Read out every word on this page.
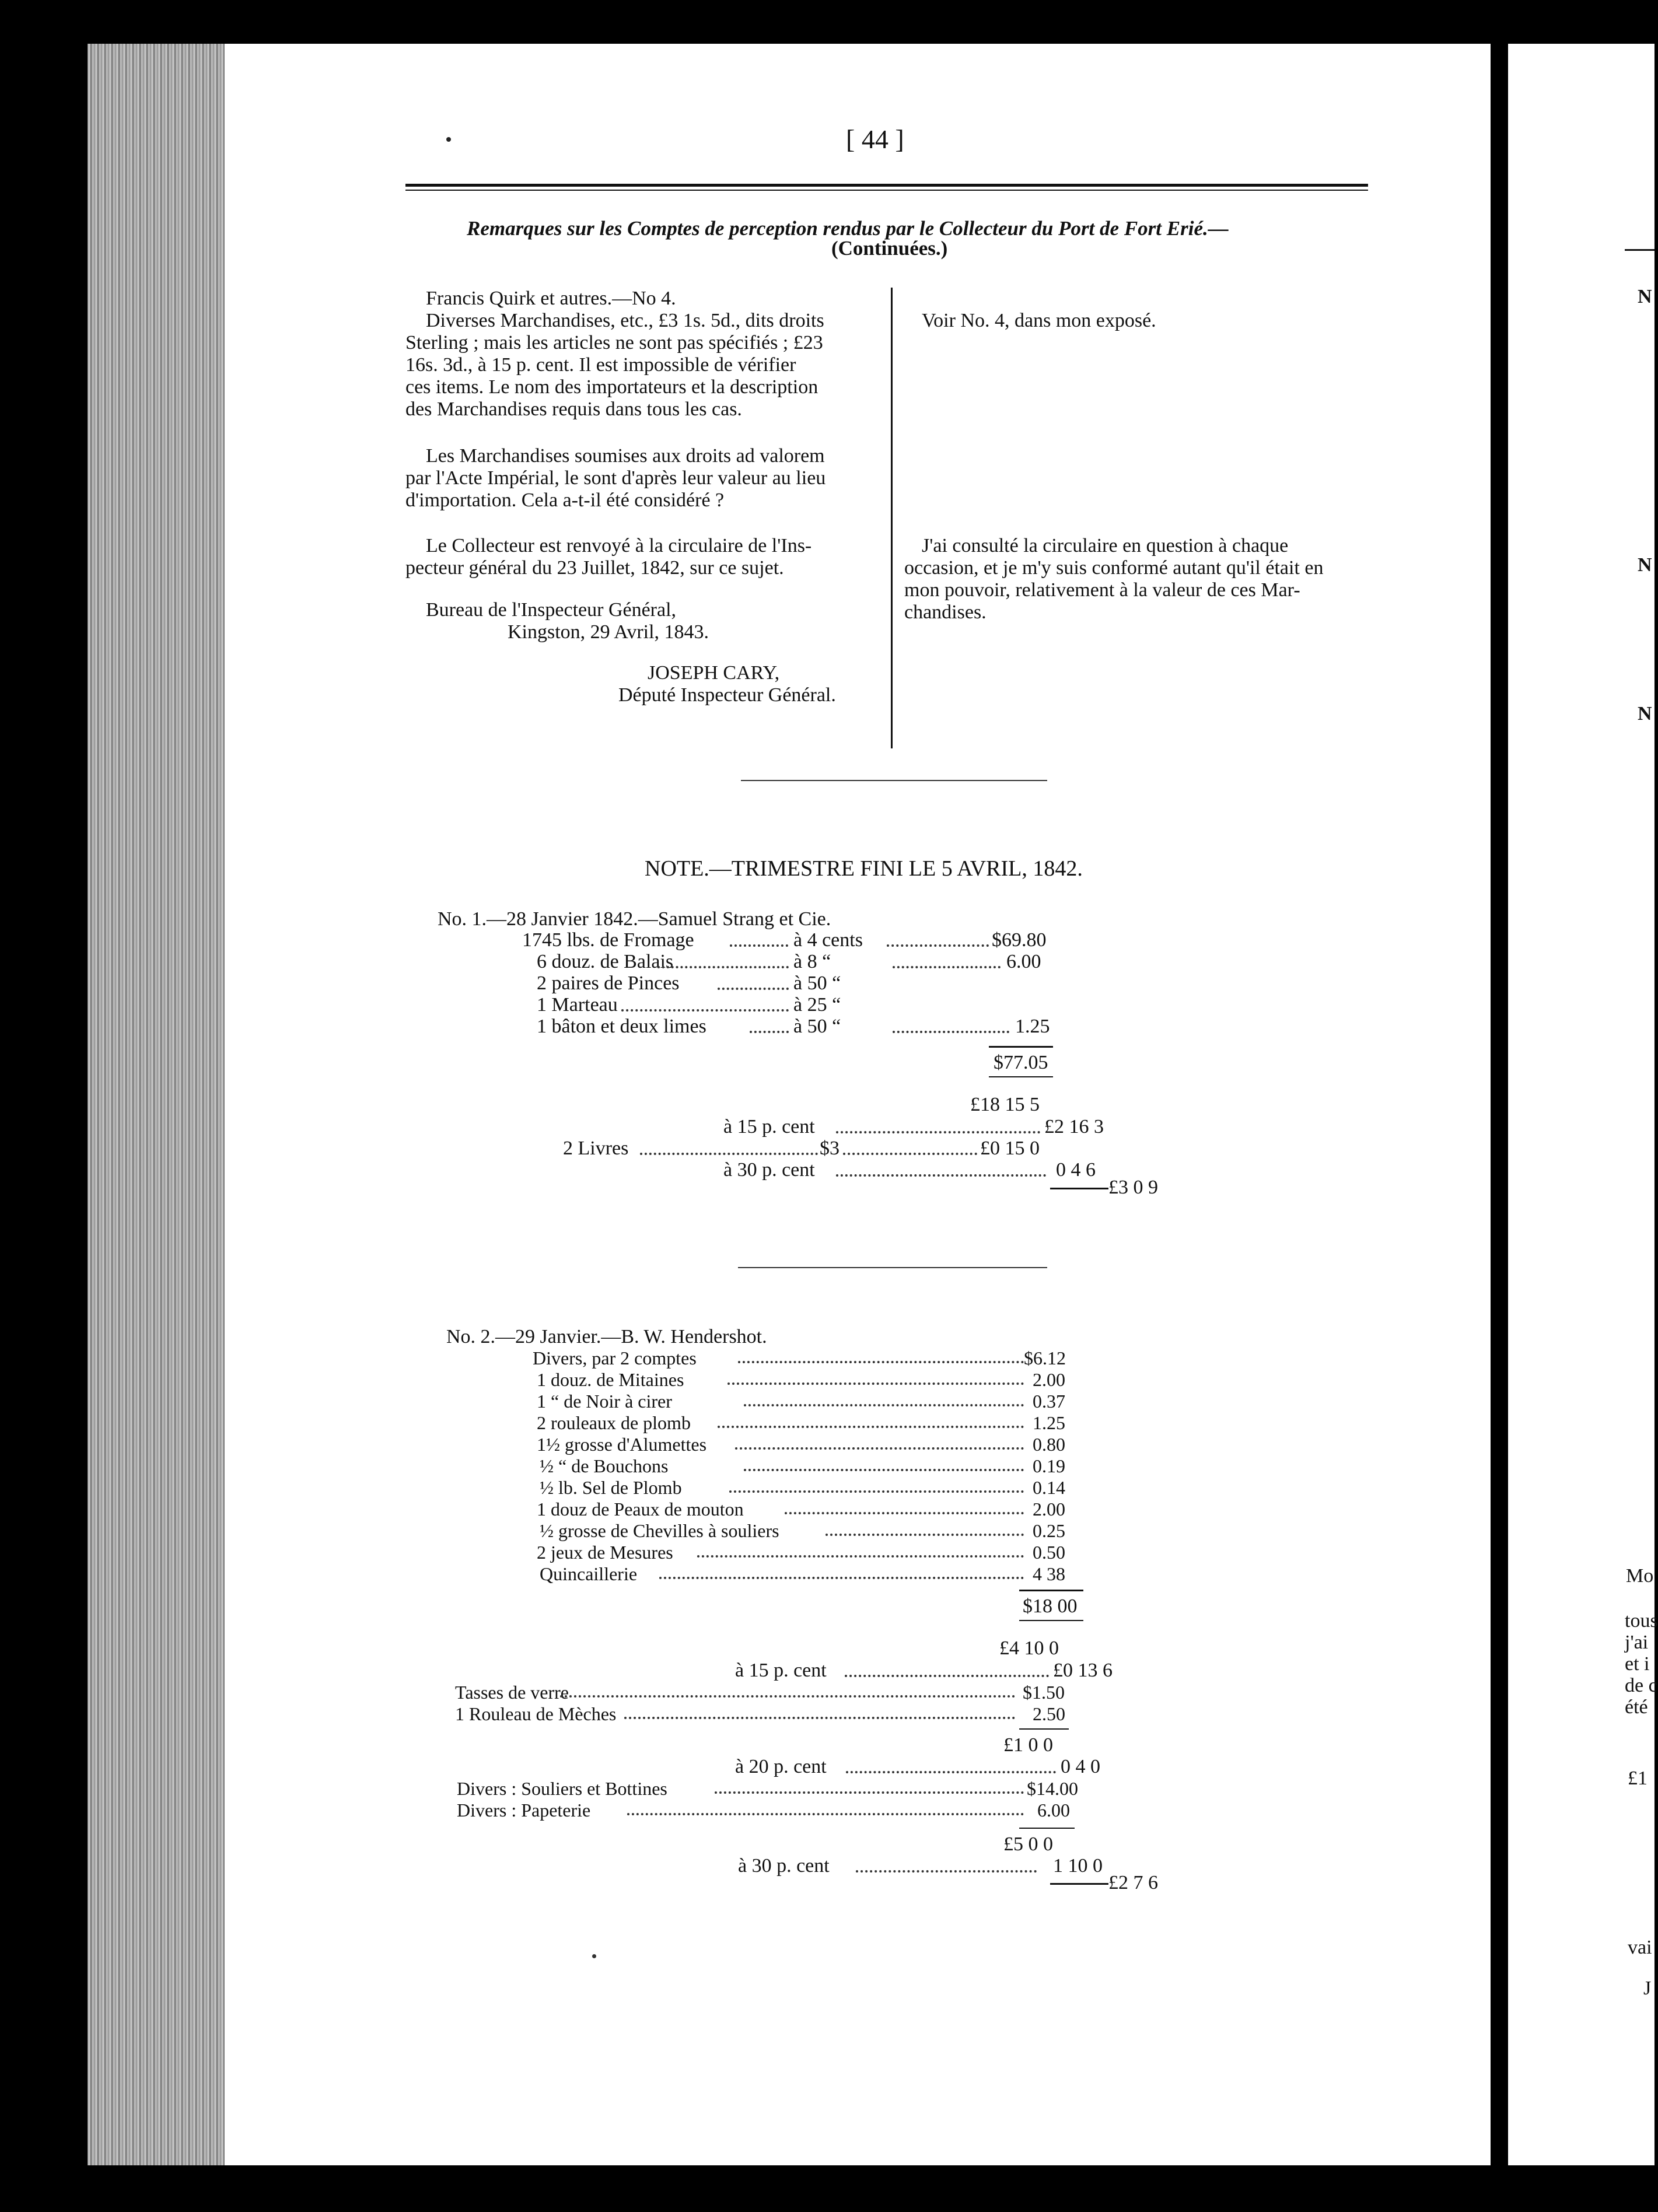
[ 44 ]
Remarques sur les Comptes de perception rendus par le Collecteur du Port de Fort Erié.—
(Continuées.)
Francis Quirk et autres.—No 4.
Diverses Marchandises, etc., £3 1s. 5d., dits droits
Sterling ; mais les articles ne sont pas spécifiés ; £23
16s. 3d., à 15 p. cent. Il est impossible de vérifier
ces items. Le nom des importateurs et la description
des Marchandises requis dans tous les cas.
Les Marchandises soumises aux droits ad valorem
par l'Acte Impérial, le sont d'après leur valeur au lieu
d'importation. Cela a-t-il été considéré ?
Le Collecteur est renvoyé à la circulaire de l'Ins-
pecteur général du 23 Juillet, 1842, sur ce sujet.
Bureau de l'Inspecteur Général,
Kingston, 29 Avril, 1843.
JOSEPH CARY,
Député Inspecteur Général.
Voir No. 4, dans mon exposé.
J'ai consulté la circulaire en question à chaque
occasion, et je m'y suis conformé autant qu'il était en
mon pouvoir, relativement à la valeur de ces Mar-
chandises.
NOTE.—TRIMESTRE FINI LE 5 AVRIL, 1842.
No. 1.—28 Janvier 1842.—Samuel Strang et Cie.
1745 lbs. de Fromage	à 4 cents	$69.80
6 douz. de Balais	à 8 “	6.00
2 paires de Pinces	à 50 “
1 Marteau	à 25 “
1 bâton et deux limes	à 50 “	1.25
$77.05
£18 15 5
à 15 p. cent	£2 16 3
2 Livres	$3	£0 15 0
à 30 p. cent	0 4 6
£3 0 9
No. 2.—29 Janvier.—B. W. Hendershot.
Divers, par 2 comptes	$6.12
1 douz. de Mitaines	2.00
1 “ de Noir à cirer	0.37
2 rouleaux de plomb	1.25
1½ grosse d'Alumettes	0.80
½ “ de Bouchons	0.19
½ lb. Sel de Plomb	0.14
1 douz de Peaux de mouton	2.00
½ grosse de Chevilles à souliers	0.25
2 jeux de Mesures	0.50
Quincaillerie	4 38
$18 00
£4 10 0
à 15 p. cent	£0 13 6
Tasses de verre	$1.50
1 Rouleau de Mèches	2.50
£1 0 0
à 20 p. cent	0 4 0
Divers : Souliers et Bottines	$14.00
Divers : Papeterie	6.00
£5 0 0
à 30 p. cent	1 10 0
£2 7 6
N
N
N
Mo
tous
j'ai
et i
de c
été
£1
vai
J
